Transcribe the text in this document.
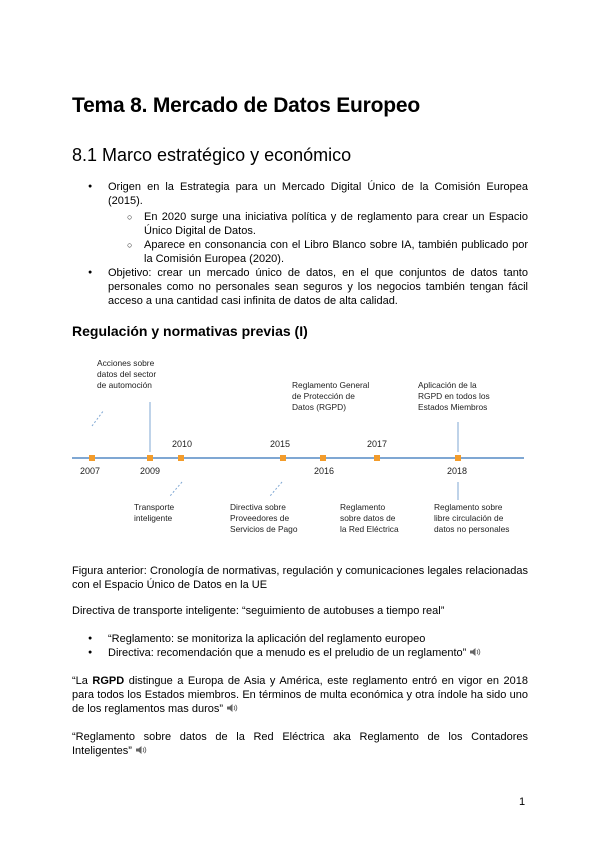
Tema 8. Mercado de Datos Europeo
8.1 Marco estratégico y económico
● Origen en la Estrategia para un Mercado Digital Único de la Comisión Europea (2015).
○ En 2020 surge una iniciativa política y de reglamento para crear un Espacio Único Digital de Datos.
○ Aparece en consonancia con el Libro Blanco sobre IA, también publicado por la Comisión Europea (2020).
● Objetivo: crear un mercado único de datos, en el que conjuntos de datos tanto personales como no personales sean seguros y los negocios también tengan fácil acceso a una cantidad casi infinita de datos de alta calidad.
Regulación y normativas previas (I)
2007	2009
2010	2015
2016
2017
2018
Acciones sobre datos del sector de automoción	Reglamento General de Protección de Datos (RGPD)
Aplicación de la RGPD en todos los Estados Miembros
Transporte inteligente
Directiva sobre Proveedores de Servicios de Pago
Reglamento sobre datos de la Red Eléctrica
Reglamento sobre libre circulación de datos no personales
Figura anterior: Cronología de normativas, regulación y comunicaciones legales relacionadas con el Espacio Único de Datos en la UE
Directiva de transporte inteligente: “seguimiento de autobuses a tiempo real”
● “Reglamento: se monitoriza la aplicación del reglamento europeo
● Directiva: recomendación que a menudo es el preludio de un reglamento”
“La RGPD distingue a Europa de Asia y América, este reglamento entró en vigor en 2018 para todos los Estados miembros. En términos de multa económica y otra índole ha sido uno de los reglamentos mas duros”
“Reglamento sobre datos de la Red Eléctrica aka Reglamento de los Contadores Inteligentes”
1
